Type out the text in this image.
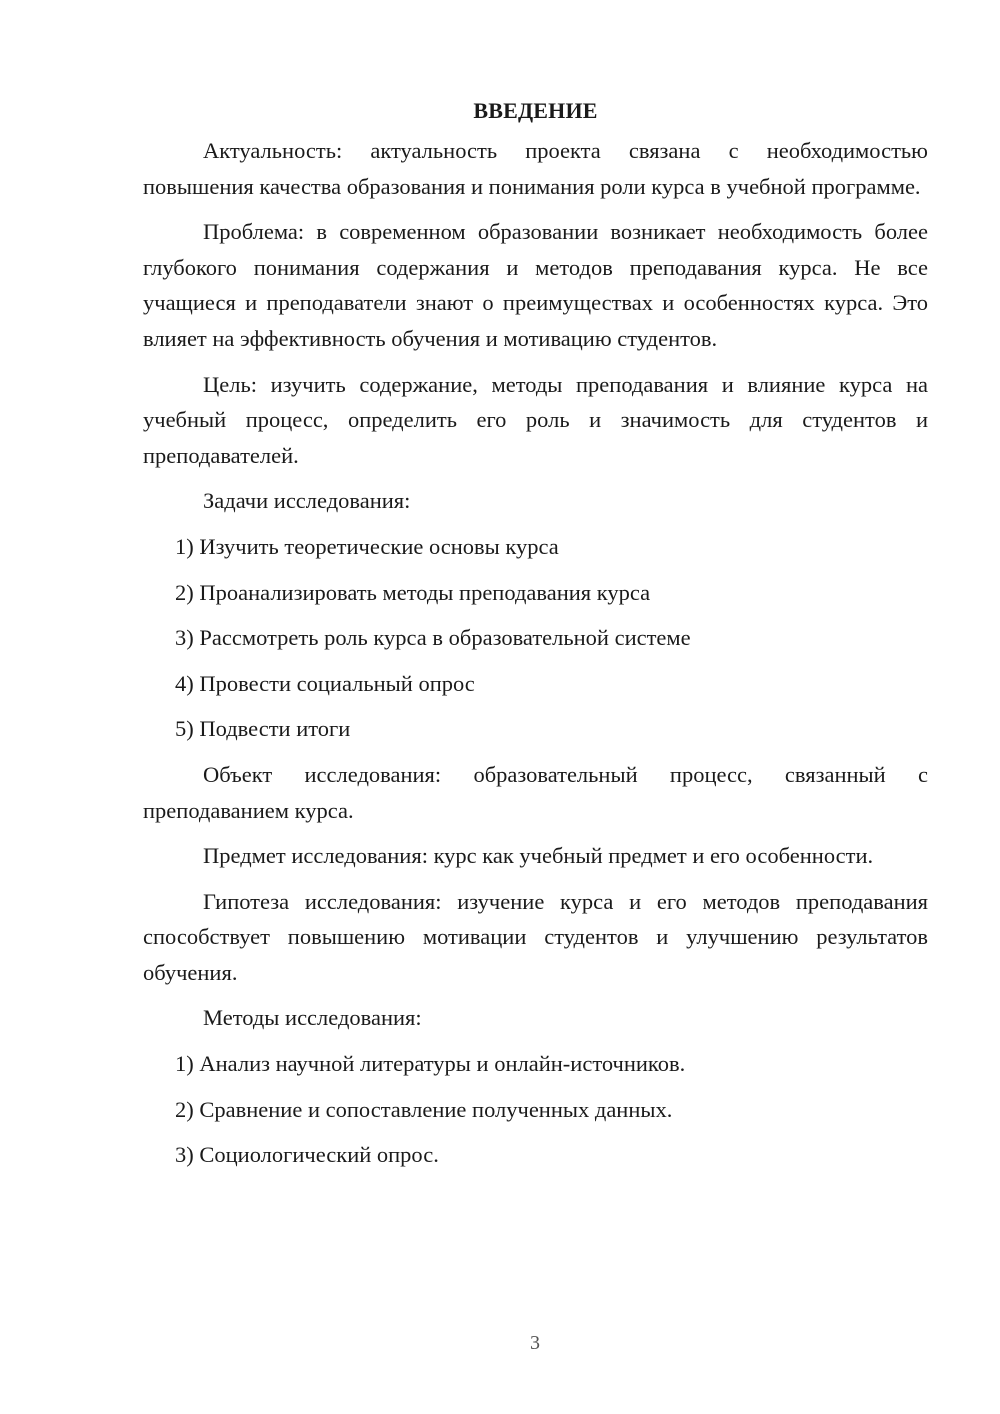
ВВЕДЕНИЕ

Актуальность: актуальность проекта связана с необходимостью повышения качества образования и понимания роли курса в учебной программе.

Проблема: в современном образовании возникает необходимость более глубокого понимания содержания и методов преподавания курса. Не все учащиеся и преподаватели знают о преимуществах и особенностях курса. Это влияет на эффективность обучения и мотивацию студентов.

Цель: изучить содержание, методы преподавания и влияние курса на учебный процесс, определить его роль и значимость для студентов и преподавателей.

Задачи исследования:

1) Изучить теоретические основы курса
2) Проанализировать методы преподавания курса
3) Рассмотреть роль курса в образовательной системе
4) Провести социальный опрос
5) Подвести итоги

Объект исследования: образовательный процесс, связанный с преподаванием курса.

Предмет исследования: курс как учебный предмет и его особенности.

Гипотеза исследования: изучение курса и его методов преподавания способствует повышению мотивации студентов и улучшению результатов обучения.

Методы исследования:

1) Анализ научной литературы и онлайн-источников.
2) Сравнение и сопоставление полученных данных.
3) Социологический опрос.
3
